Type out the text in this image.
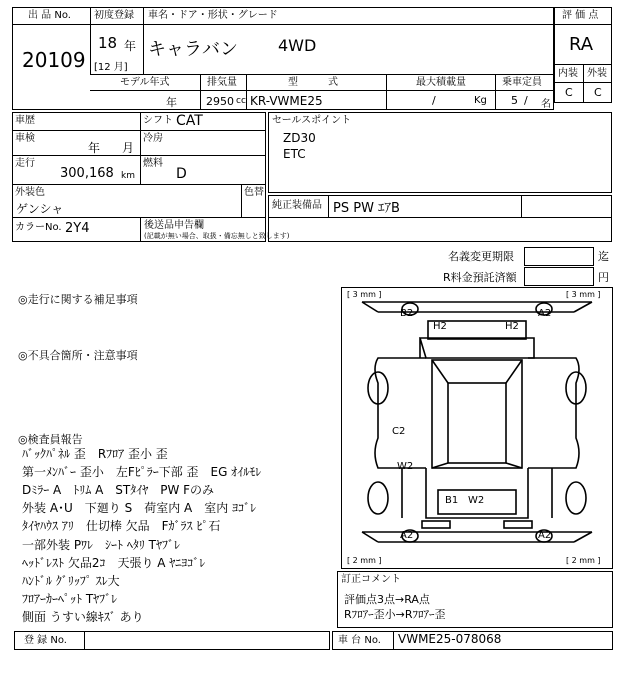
出 品 No.
20109
初度登録
18 年
[12 月]
車名・ドア・形状・グレード
キャラバン	4WD
評 価 点
RA
内装 外装
C C
モデル年式	排気量	型　　　式	最大積載量	乗車定員
年	2950 cc KR-VWME25	/	Kg 5 / 名
車歴	シフト CAT
車検
年 月
冷房
走行
300,168 km
燃料
D
外装色
ゲンシャ
色替
カラーNo. 2Y4	後送品申告欄
(記載が無い場合、取扱・備忘無しと致します)
セールスポイント
ZD30
ETC
純正装備品 PS PW ｴｱB
名義変更期限	迄
R料金預託済額	円
◎走行に関する補足事項
◎不具合箇所・注意事項
◎検査員報告
ﾊﾞｯｸﾊﾟﾈﾙ 歪　Rﾌﾛｱ 歪小 歪
第一ﾒﾝﾊﾞｰ 歪小　左Fﾋﾟﾗｰ下部 歪　EG ｵｲﾙﾓﾚ
Dﾐﾗｰ A　ﾄﾘﾑ A　STﾀｲﾔ　PW Fのみ
外装 A･U　下廻り S　荷室内 A　室内 ﾖｺﾞﾚ
ﾀｲﾔﾊｳｽ ｱﾘ　仕切棒 欠品　Fｶﾞﾗｽ ﾋﾟ石
一部外装 Pﾜﾚ　ｼｰﾄ ﾍﾀﾘ Tﾔﾌﾞﾚ
ﾍｯﾄﾞﾚｽﾄ 欠品2ｺ　天張り A ﾔﾆﾖｺﾞﾚ
ﾊﾝﾄﾞﾙ ｸﾞﾘｯﾌﾟ ｽﾚ大
ﾌﾛｱｰｶｰﾍﾟｯﾄ Tﾔﾌﾞﾚ
側面 うすい線ｷｽﾞ あり
[ 3 mm ]	[ 3 mm ]
[ 2 mm ]	[ 2 mm ]
B2	A2
H2	H2
C2
W2
B1 W2
A2	A2
訂正コメント
評価点3点→RA点
Rﾌﾛｱｰ歪小→Rﾌﾛｱｰ歪
登 録 No.	車 台 No. VWME25-078068
